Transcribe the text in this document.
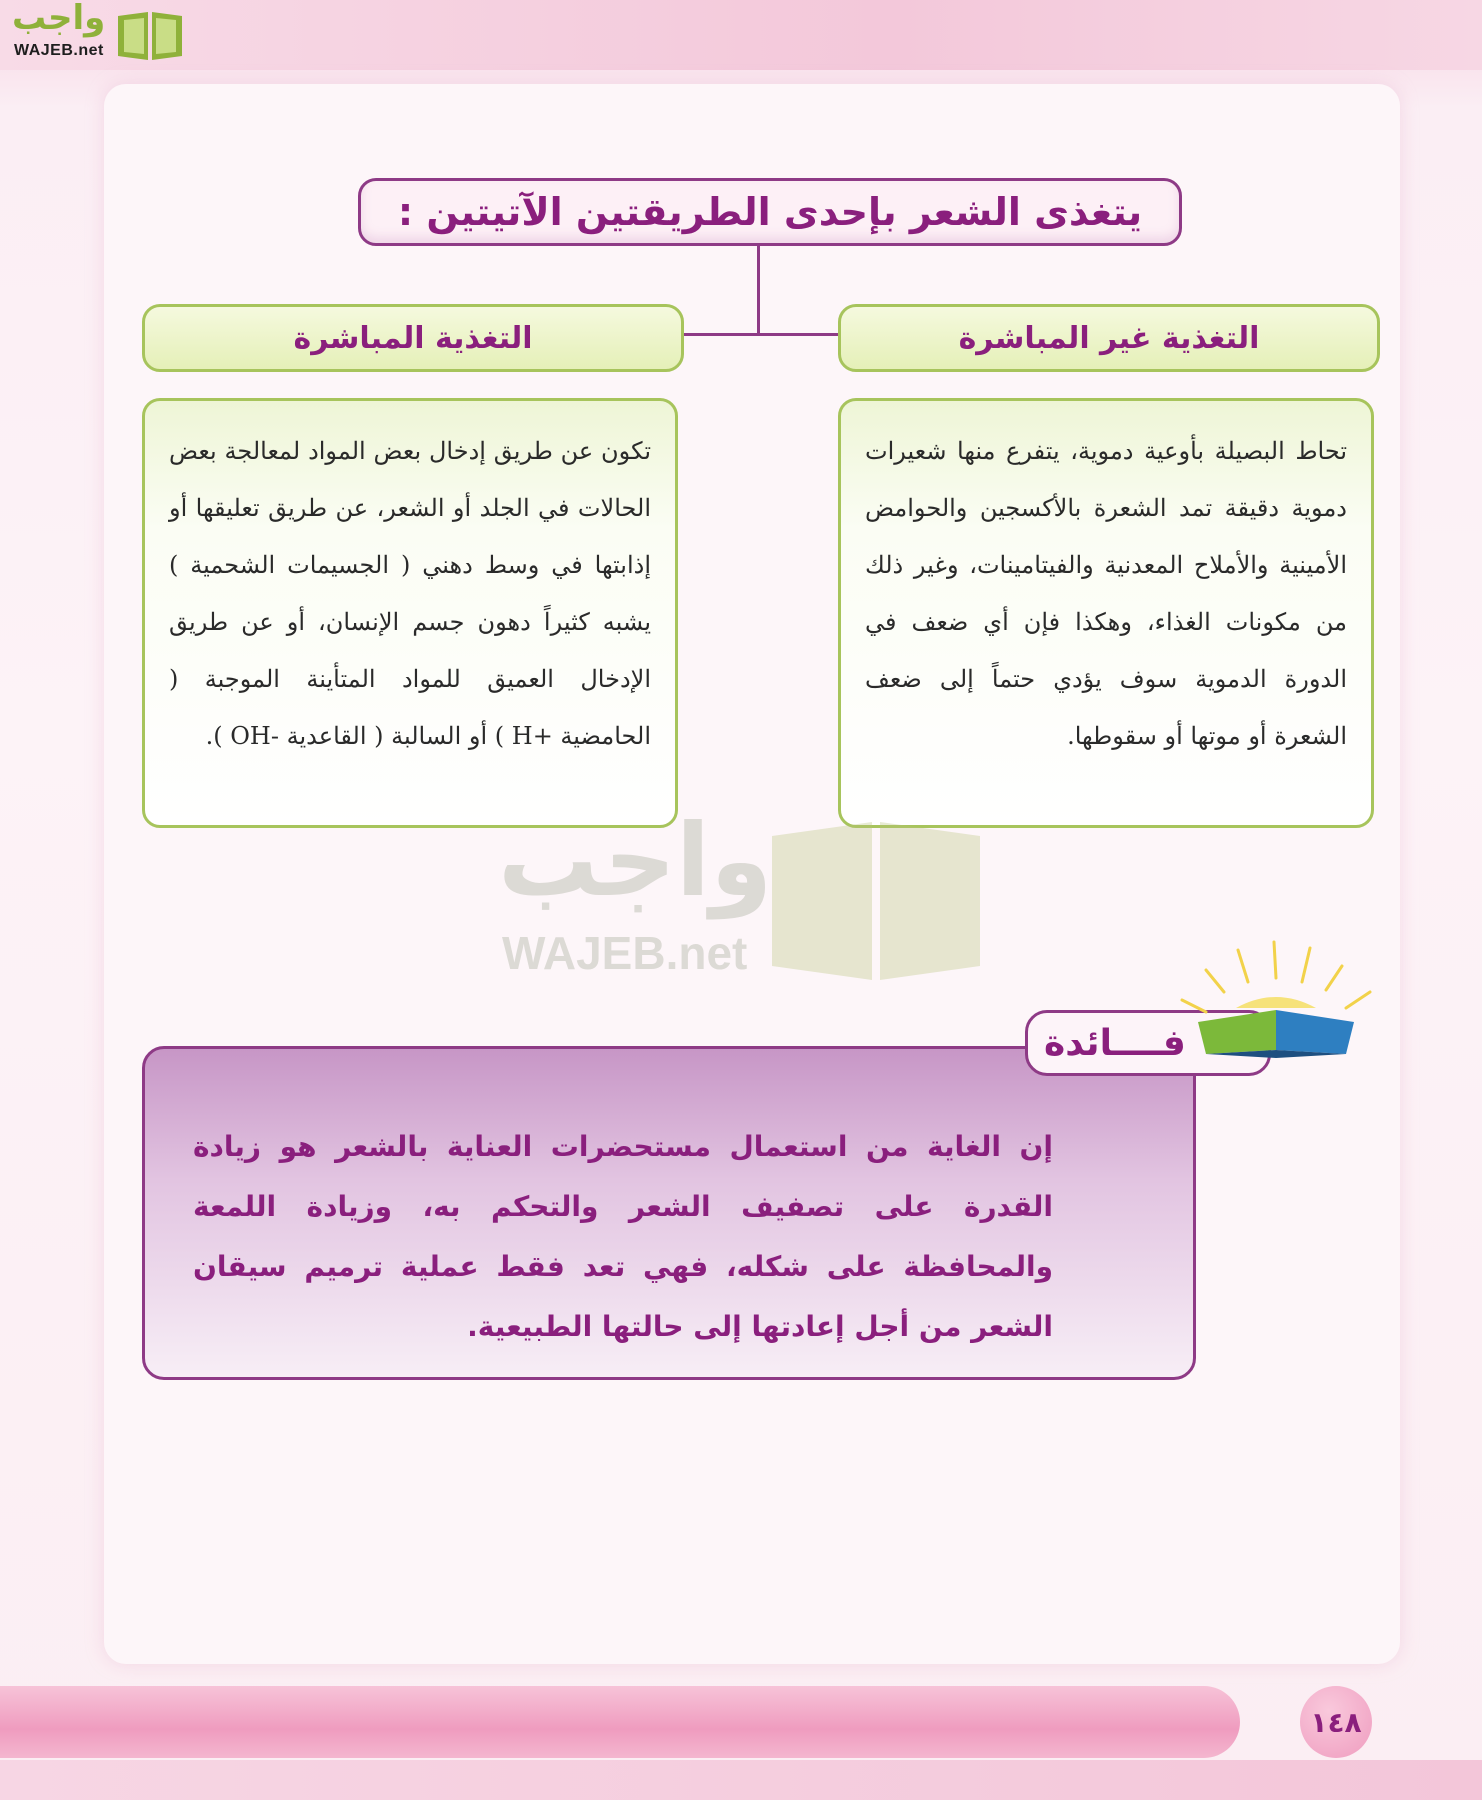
واجب
WAJEB.net
يتغذى الشعر بإحدى الطريقتين الآتيتين :
التغذية غير المباشرة
التغذية المباشرة

تحاط البصيلة بأوعية دموية، يتفرع منها شعيرات دموية دقيقة تمد الشعرة بالأكسجين والحوامض الأمينية والأملاح المعدنية والفيتامينات، وغير ذلك من مكونات الغذاء، وهكذا فإن أي ضعف في الدورة الدموية سوف يؤدي حتماً إلى ضعف الشعرة أو موتها أو سقوطها.

تكون عن طريق إدخال بعض المواد لمعالجة بعض الحالات في الجلد أو الشعر، عن طريق تعليقها أو إذابتها في وسط دهني ( الجسيمات الشحمية ) يشبه كثيراً دهون جسم الإنسان، أو عن طريق الإدخال العميق للمواد المتأينة الموجبة ( الحامضية +H ) أو السالبة ( القاعدية -OH ).

واجب
WAJEB.net

إن الغاية من استعمال مستحضرات العناية بالشعر هو زيادة القدرة على تصفيف الشعر والتحكم به، وزيادة اللمعة والمحافظة على شكله، فهي تعد فقط عملية ترميم سيقان الشعر من أجل إعادتها إلى حالتها الطبيعية.

فــــائدة
١٤٨
